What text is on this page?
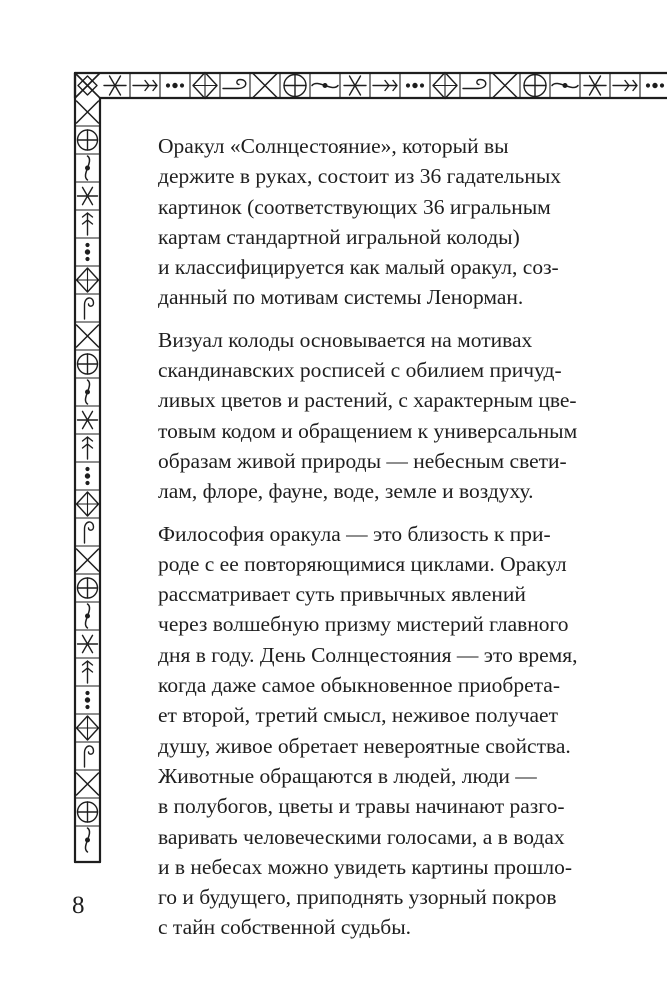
Оракул «Солнцестояние», который вы
держите в руках, состоит из 36 гадательных
картинок (соответствующих 36 игральным
картам стандартной игральной колоды)
и классифицируется как малый оракул, соз-
данный по мотивам системы Ленорман.

Визуал колоды основывается на мотивах
скандинавских росписей с обилием причуд-
ливых цветов и растений, с характерным цве-
товым кодом и обращением к универсальным
образам живой природы — небесным свети-
лам, флоре, фауне, воде, земле и воздуху.

Философия оракула — это близость к при-
роде с ее повторяющимися циклами. Оракул
рассматривает суть привычных явлений
через волшебную призму мистерий главного
дня в году. День Солнцестояния — это время,
когда даже самое обыкновенное приобрета-
ет второй, третий смысл, неживое получает
душу, живое обретает невероятные свойства.
Животные обращаются в людей, люди —
в полубогов, цветы и травы начинают разго-
варивать человеческими голосами, а в водах
и в небесах можно увидеть картины прошло-
го и будущего, приподнять узорный покров
с тайн собственной судьбы.

8
